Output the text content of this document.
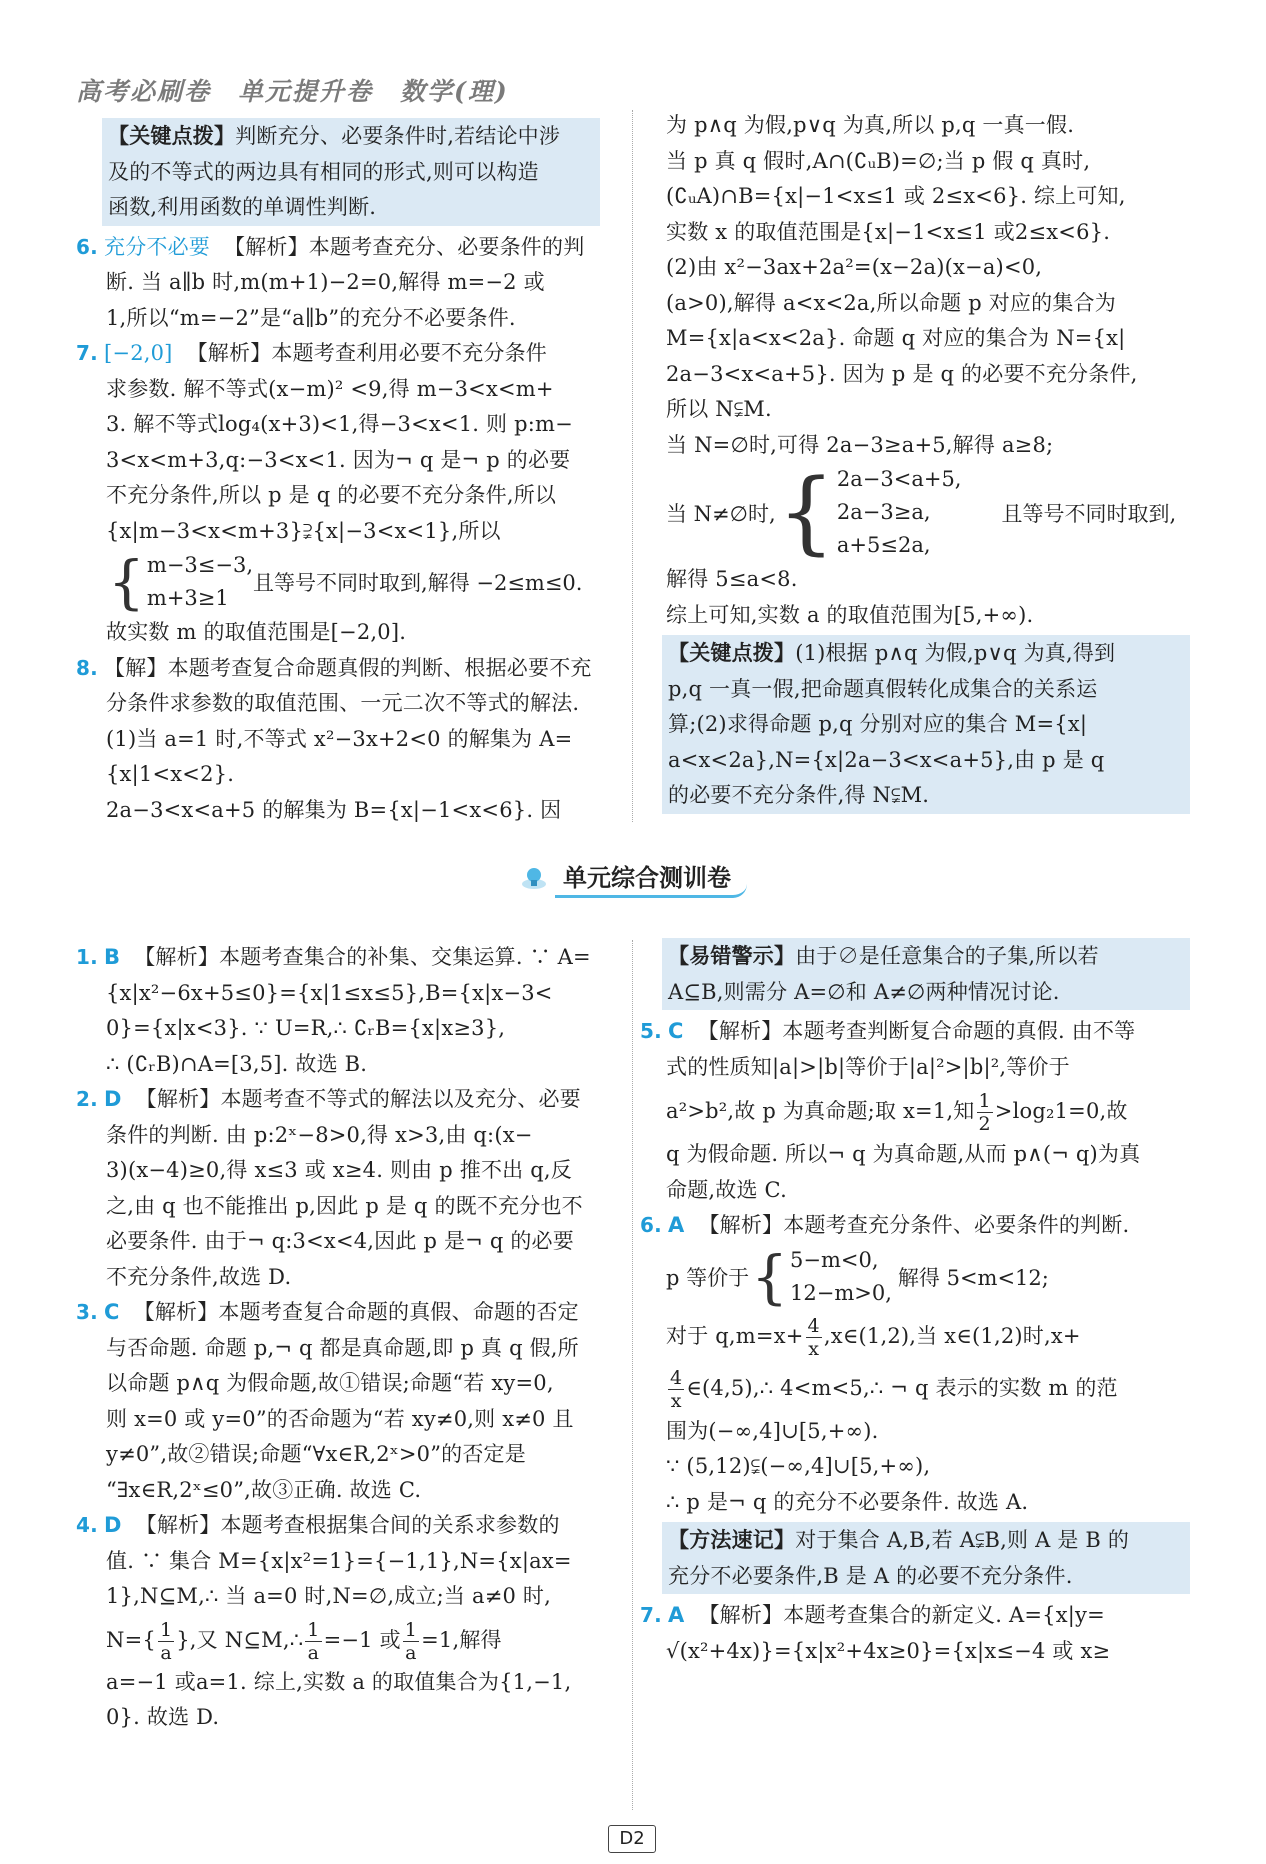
高考必刷卷　单元提升卷　数学(理)
【关键点拨】判断充分、必要条件时,若结论中涉
及的不等式的两边具有相同的形式,则可以构造
函数,利用函数的单调性判断.
6. 充分不必要 【解析】本题考查充分、必要条件的判
断. 当 a∥b 时,m(m+1)−2=0,解得 m=−2 或
1,所以“m=−2”是“a∥b”的充分不必要条件.
7. [−2,0] 【解析】本题考查利用必要不充分条件
求参数. 解不等式(x−m)² <9,得 m−3<x<m+
3. 解不等式log₄(x+3)<1,得−3<x<1. 则 p:m−
3<x<m+3,q:−3<x<1. 因为¬ q 是¬ p 的必要
不充分条件,所以 p 是 q 的必要不充分条件,所以
{x|m−3<x<m+3}⫌{x|−3<x<1},所以
{ m−3≤−3,
m+3≥1
且等号不同时取到,解得 −2≤m≤0.
故实数 m 的取值范围是[−2,0].
8. 【解】本题考查复合命题真假的判断、根据必要不充
分条件求参数的取值范围、一元二次不等式的解法.
(1)当 a=1 时,不等式 x²−3x+2<0 的解集为 A=
{x|1<x<2}.
2a−3<x<a+5 的解集为 B={x|−1<x<6}. 因
为 p∧q 为假,p∨q 为真,所以 p,q 一真一假.
当 p 真 q 假时,A∩(∁ᵤB)=∅;当 p 假 q 真时,
(∁ᵤA)∩B={x|−1<x≤1 或 2≤x<6}. 综上可知,
实数 x 的取值范围是{x|−1<x≤1 或2≤x<6}.
(2)由 x²−3ax+2a²=(x−2a)(x−a)<0,
(a>0),解得 a<x<2a,所以命题 p 对应的集合为
M={x|a<x<2a}. 命题 q 对应的集合为 N={x|
2a−3<x<a+5}. 因为 p 是 q 的必要不充分条件,
所以 N⫋M.
当 N=∅时,可得 2a−3≥a+5,解得 a≥8;
当 N≠∅时, { 2a−3<a+5,
2a−3≥a,
a+5≤2a,
且等号不同时取到,
解得 5≤a<8.
综上可知,实数 a 的取值范围为[5,+∞).
【关键点拨】(1)根据 p∧q 为假,p∨q 为真,得到
p,q 一真一假,把命题真假转化成集合的关系运
算;(2)求得命题 p,q 分别对应的集合 M={x|
a<x<2a},N={x|2a−3<x<a+5},由 p 是 q
的必要不充分条件,得 N⫋M.
单元综合测训卷
1. B 【解析】本题考查集合的补集、交集运算. ∵ A=
{x|x²−6x+5≤0}={x|1≤x≤5},B={x|x−3<
0}={x|x<3}. ∵ U=R,∴ ∁ᵣB={x|x≥3},
∴ (∁ᵣB)∩A=[3,5]. 故选 B.
2. D 【解析】本题考查不等式的解法以及充分、必要
条件的判断. 由 p:2ˣ−8>0,得 x>3,由 q:(x−
3)(x−4)≥0,得 x≤3 或 x≥4. 则由 p 推不出 q,反
之,由 q 也不能推出 p,因此 p 是 q 的既不充分也不
必要条件. 由于¬ q:3<x<4,因此 p 是¬ q 的必要
不充分条件,故选 D.
3. C 【解析】本题考查复合命题的真假、命题的否定
与否命题. 命题 p,¬ q 都是真命题,即 p 真 q 假,所
以命题 p∧q 为假命题,故①错误;命题“若 xy=0,
则 x=0 或 y=0”的否命题为“若 xy≠0,则 x≠0 且
y≠0”,故②错误;命题“∀x∈R,2ˣ>0”的否定是
“∃x∈R,2ˣ≤0”,故③正确. 故选 C.
4. D 【解析】本题考查根据集合间的关系求参数的
值. ∵ 集合 M={x|x²=1}={−1,1},N={x|ax=
1},N⊆M,∴ 当 a=0 时,N=∅,成立;当 a≠0 时,
$N=\{ \frac{1}{a}$ },又 N⊆M,∴ $\frac{1}{a} =-1$ 或 $\frac{1}{a} =1$,解得
a=−1 或a=1. 综上,实数 a 的取值集合为{1,−1,
0}. 故选 D.
【易错警示】由于∅是任意集合的子集,所以若
A⊆B,则需分 A=∅和 A≠∅两种情况讨论.
5. C 【解析】本题考查判断复合命题的真假. 由不等
式的性质知|a|>|b|等价于|a|²>|b|²,等价于
a²>b²,故 p 为真命题;取 x=1,知 $\frac{1}{2} >\log_21=0$,故
q 为假命题. 所以¬ q 为真命题,从而 p∧(¬ q)为真
命题,故选 C.
6. A 【解析】本题考查充分条件、必要条件的判断.
p 等价于 { 5−m<0,
12−m>0,
解得 5<m<12;
对于 $q,m=x+ \frac{4}{x}$ ,x∈(1,2),当 x∈(1,2)时,x+
$\frac{4}{x}$ ∈(4,5),∴ 4<m<5,∴ ¬ q 表示的实数 m 的范
围为(−∞,4]∪[5,+∞).
∵ (5,12)⫋(−∞,4]∪[5,+∞),
∴ p 是¬ q 的充分不必要条件. 故选 A.
【方法速记】对于集合 A,B,若 A⫋B,则 A 是 B 的
充分不必要条件,B 是 A 的必要不充分条件.
7. A 【解析】本题考查集合的新定义. A={x|y=
√(x²+4x)}={x|x²+4x≥0}={x|x≤−4 或 x≥
D2
